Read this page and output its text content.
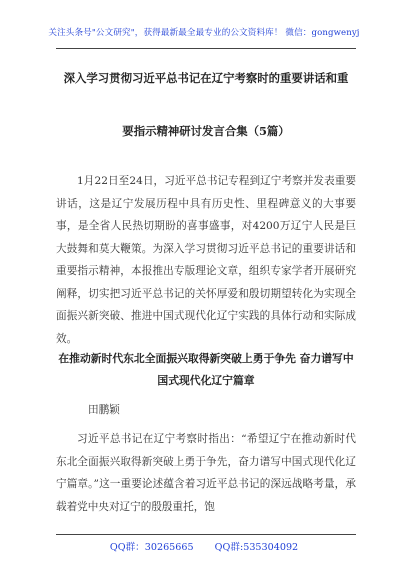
关注头条号"公文研究"，获得最新最全最专业的公文资料库！ 微信：gongwenyj
深入学习贯彻习近平总书记在辽宁考察时的重要讲话和重
要指示精神研讨发言合集（5篇）

1月22日至24日，习近平总书记专程到辽宁考察并发表重要讲话，这是辽宁发展历程中具有历史性、里程碑意义的大事要事，是全省人民热切期盼的喜事盛事，对4200万辽宁人民是巨大鼓舞和莫大鞭策。为深入学习贯彻习近平总书记的重要讲话和重要指示精神，本报推出专版理论文章，组织专家学者开展研究阐释，切实把习近平总书记的关怀厚爱和殷切期望转化为实现全面振兴新突破、推进中国式现代化辽宁实践的具体行动和实际成效。

在推动新时代东北全面振兴取得新突破上勇于争先 奋力谱写中国式现代化辽宁篇章
田鹏颖

习近平总书记在辽宁考察时指出：“希望辽宁在推动新时代东北全面振兴取得新突破上勇于争先，奋力谱写中国式现代化辽宁篇章。”这一重要论述蕴含着习近平总书记的深远战略考量，承载着党中央对辽宁的殷殷重托，饱

QQ群：30265665 QQ群:535304092
